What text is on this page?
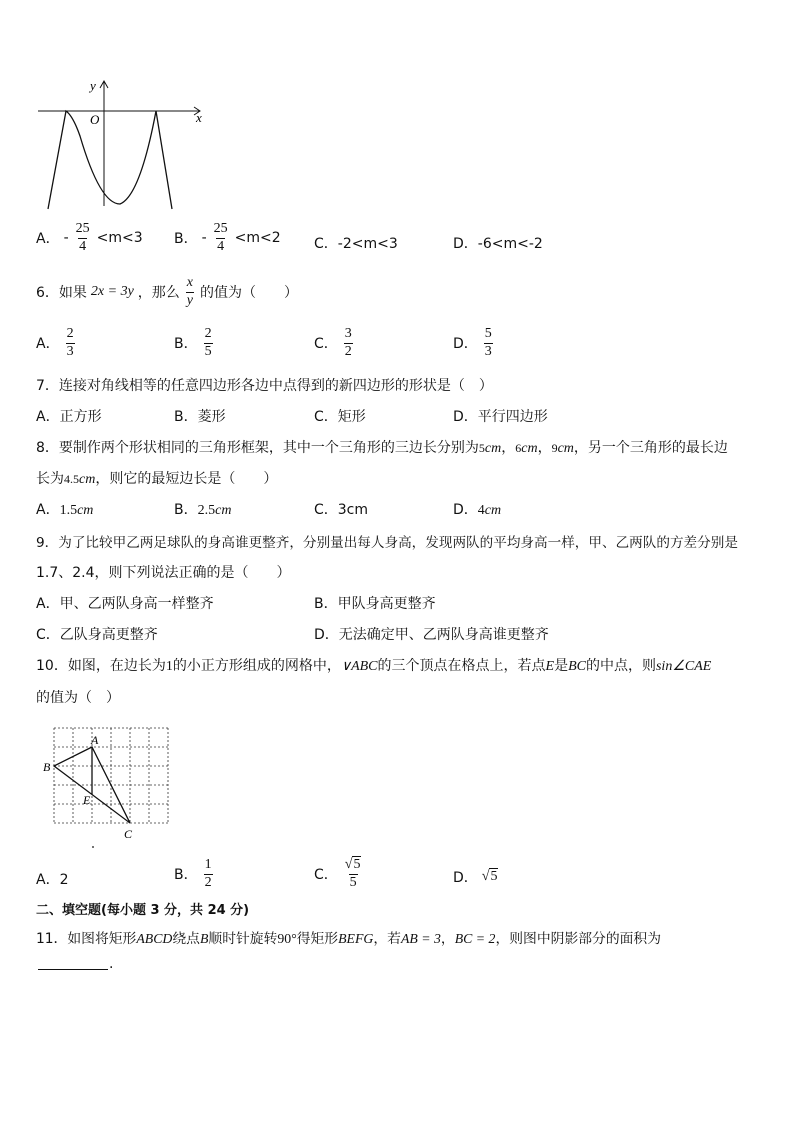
y
O	x
A． - $\frac{25}{4} <m<3$ B． - $\frac{25}{4} <m<2$ C．-2<m<3	D．-6<m<-2
6．如果 2x = 3y ，那么 $\frac{x}{y}$ 的值为（　　）
A． $\frac{2}{3}$	B． $\frac{2}{5}$	C． $\frac{3}{2}$	D． $\frac{5}{3}$
7．连接对角线相等的任意四边形各边中点得到的新四边形的形状是（　）
A．正方形	B．菱形	C．矩形	D．平行四边形
8．要制作两个形状相同的三角形框架，其中一个三角形的三边长分别为5cm，6cm，9cm，另一个三角形的最长边
长为4.5cm，则它的最短边长是（　　）
A．1.5cm	B．2.5cm	C．3cm	D．4cm
9．为了比较甲乙两足球队的身高谁更整齐，分别量出每人身高，发现两队的平均身高一样，甲、乙两队的方差分别是
1.7、2.4，则下列说法正确的是（　　）
A．甲、乙两队身高一样整齐	B．甲队身高更整齐
C．乙队身高更整齐	D．无法确定甲、乙两队身高谁更整齐
10．如图，在边长为1的小正方形组成的网格中，∨ABC的三个顶点在格点上，若点E是BC的中点，则sin∠CAE
的值为（　）
A
B
E
C
A．2	B． $\frac{1}{2}$	C． $\frac{√5}{5}$	D． √5
二、填空题(每小题 3 分，共 24 分)
11．如图将矩形ABCD绕点B顺时针旋转90°得矩形BEFG，若AB = 3，BC = 2，则图中阴影部分的面积为
.
